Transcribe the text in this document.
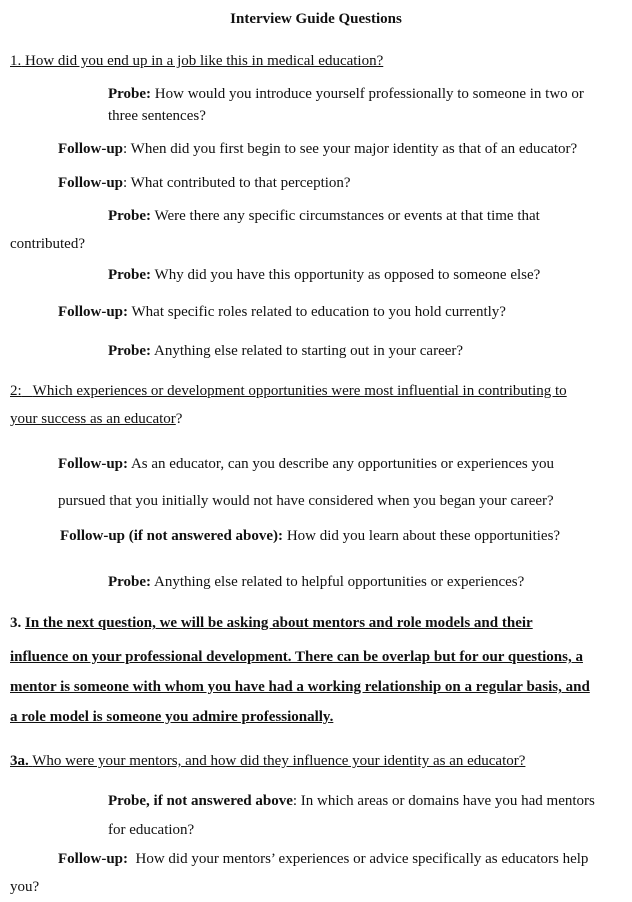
Interview Guide Questions
1. How did you end up in a job like this in medical education?
Probe: How would you introduce yourself professionally to someone in two or
three sentences?
Follow-up: When did you first begin to see your major identity as that of an educator?
Follow-up: What contributed to that perception?
Probe: Were there any specific circumstances or events at that time that
contributed?
Probe: Why did you have this opportunity as opposed to someone else?
Follow-up: What specific roles related to education to you hold currently?
Probe: Anything else related to starting out in your career?
2: Which experiences or development opportunities were most influential in contributing to
your success as an educator?
Follow-up: As an educator, can you describe any opportunities or experiences you
pursued that you initially would not have considered when you began your career?
Follow-up (if not answered above): How did you learn about these opportunities?
Probe: Anything else related to helpful opportunities or experiences?
3. In the next question, we will be asking about mentors and role models and their
influence on your professional development. There can be overlap but for our questions, a
mentor is someone with whom you have had a working relationship on a regular basis, and
a role model is someone you admire professionally.
3a. Who were your mentors, and how did they influence your identity as an educator?
Probe, if not answered above: In which areas or domains have you had mentors
for education?
Follow-up: How did your mentors’ experiences or advice specifically as educators help
you?
